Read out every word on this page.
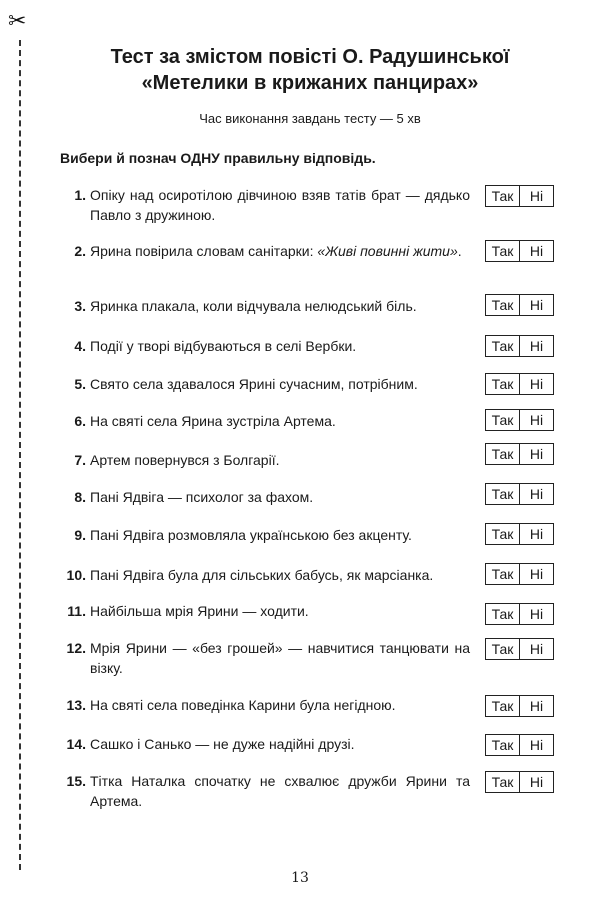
✂
Тест за змістом повісті О. Радушинської
«Метелики в крижаних панцирах»
Час виконання завдань тесту — 5 хв
Вибери й познач ОДНУ правильну відповідь.
1. Опіку над осиротілою дівчиною взяв татів брат — дядько Павло з дружиною.
Так	Ні
2. Ярина повірила словам санітарки: «Живі повинні жити».	Так	Ні
3. Яринка плакала, коли відчувала нелюдський біль.	Так	Ні
4. Події у творі відбуваються в селі Вербки.	Так	Ні
5. Свято села здавалося Ярині сучасним, потрібним.	Так	Ні
6. На святі села Ярина зустріла Артема.	Так	Ні
7. Артем повернувся з Болгарії.	Так	Ні
8. Пані Ядвіга — психолог за фахом.	Так	Ні
9. Пані Ядвіга розмовляла українською без акценту.	Так	Ні
10. Пані Ядвіга була для сільських бабусь, як марсіанка.	Так	Ні
11. Найбільша мрія Ярини — ходити.	Так	Ні
12. Мрія Ярини — «без грошей» — навчитися танцювати на візку.
Так	Ні
13. На святі села поведінка Карини була негідною.	Так	Ні
14. Сашко і Санько — не дуже надійні друзі.	Так	Ні
15. Тітка Наталка спочатку не схвалює дружби Ярини та Артема.
Так	Ні
13
